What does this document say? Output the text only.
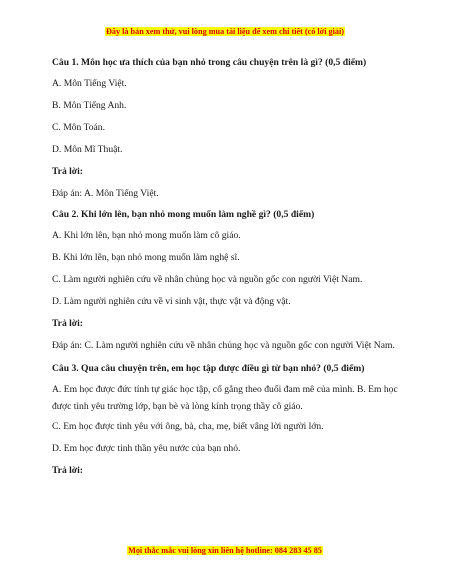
Đây là bản xem thử, vui lòng mua tài liệu để xem chi tiết (có lời giải)

Câu 1. Môn học ưa thích của bạn nhỏ trong câu chuyện trên là gì? (0,5 điểm)

A. Môn Tiếng Việt.

B. Môn Tiếng Anh.

C. Môn Toán.

D. Môn Mĩ Thuật.

Trả lời:

Đáp án: A. Môn Tiếng Việt.

Câu 2. Khi lớn lên, bạn nhỏ mong muốn làm nghề gì? (0,5 điểm)

A. Khi lớn lên, bạn nhỏ mong muốn làm cô giáo.

B. Khi lớn lên, bạn nhỏ mong muốn làm nghệ sĩ.

C. Làm người nghiên cứu về nhân chủng học và nguồn gốc con người Việt Nam.

D. Làm người nghiên cứu về vi sinh vật, thực vật và động vật.

Trả lời:

Đáp án: C. Làm người nghiên cứu về nhân chủng học và nguồn gốc con người Việt Nam.

Câu 3. Qua câu chuyện trên, em học tập được điều gì từ bạn nhỏ? (0,5 điểm)

A. Em học được đức tính tự giác học tập, cố gắng theo đuổi đam mê của mình. B. Em học được tình yêu trường lớp, bạn bè và lòng kính trọng thầy cô giáo.

C. Em học được tình yêu với ông, bà, cha, mẹ, biết vâng lời người lớn.

D. Em học được tinh thần yêu nước của bạn nhỏ.

Trả lời:

Mọi thắc mắc vui lòng xin liên hệ hotline: 084 283 45 85
